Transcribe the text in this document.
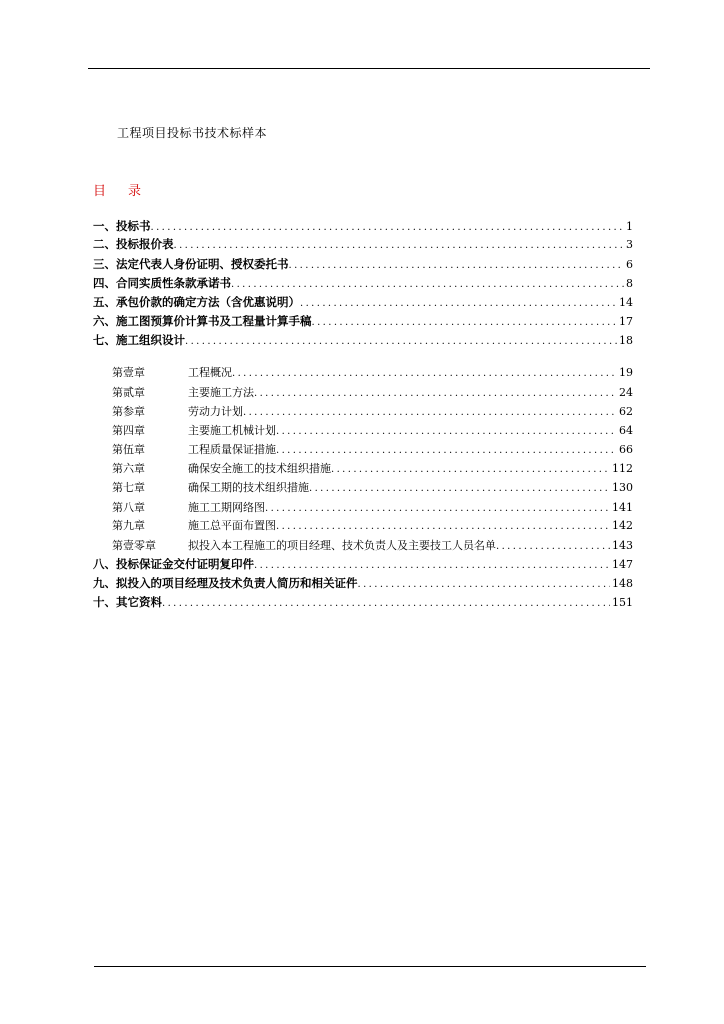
工程项目投标书技术标样本
目 录
一、投标书 .....	1
二、投标报价表 .....	3
三、法定代表人身份证明、授权委托书 .....	6
四、合同实质性条款承诺书 .....	8
五、承包价款的确定方法（含优惠说明） .....	14
六、施工图预算价计算书及工程量计算手稿 .....	17
七、施工组织设计 .....	18
第壹章	工程概况 .....	19
第贰章	主要施工方法 .....	24
第参章	劳动力计划 .....	62
第四章	主要施工机械计划 .....	64
第伍章	工程质量保证措施 .....	66
第六章	确保安全施工的技术组织措施 .....	112
第七章	确保工期的技术组织措施 .....	130
第八章	施工工期网络图 .....	141
第九章	施工总平面布置图 .....	142
第壹零章	拟投入本工程施工的项目经理、技术负责人及主要技工人员名单 .....	143
八、投标保证金交付证明复印件 .....	147
九、拟投入的项目经理及技术负责人简历和相关证件 .....	148
十、其它资料 .....	151
